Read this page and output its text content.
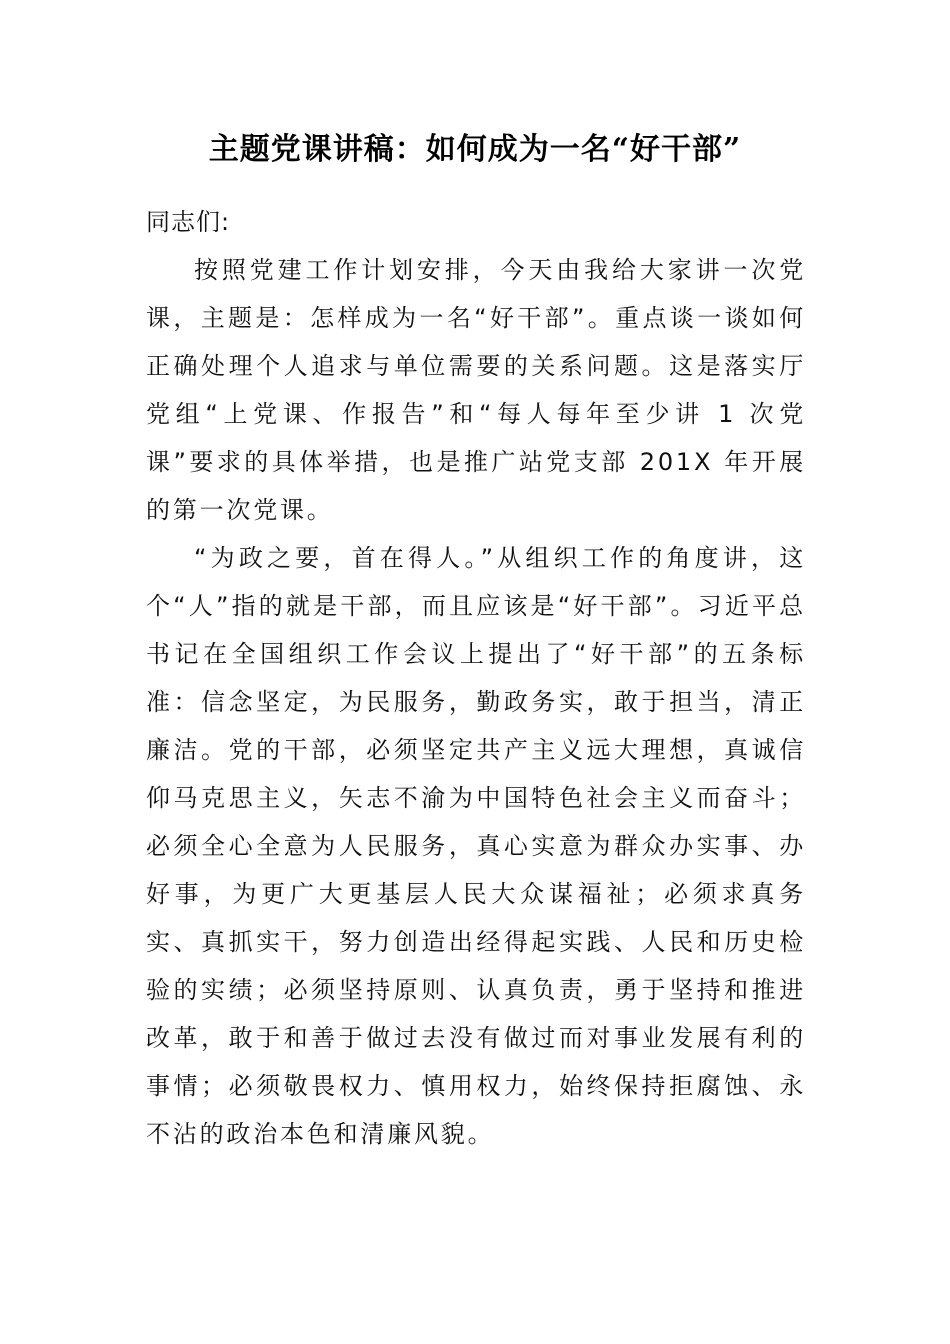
主题党课讲稿：如何成为一名“好干部”

同志们:

按照党建工作计划安排，今天由我给大家讲一次党课，主题是：怎样成为一名“好干部”。重点谈一谈如何正确处理个人追求与单位需要的关系问题。这是落实厅党组“上党课、作报告”和“每人每年至少讲 1 次党课”要求的具体举措，也是推广站党支部 201X 年开展的第一次党课。

“为政之要，首在得人。”从组织工作的角度讲，这个“人”指的就是干部，而且应该是“好干部”。习近平总书记在全国组织工作会议上提出了“好干部”的五条标准：信念坚定，为民服务，勤政务实，敢于担当，清正廉洁。党的干部，必须坚定共产主义远大理想，真诚信仰马克思主义，矢志不渝为中国特色社会主义而奋斗；必须全心全意为人民服务，真心实意为群众办实事、办好事，为更广大更基层人民大众谋福祉；必须求真务实、真抓实干，努力创造出经得起实践、人民和历史检验的实绩；必须坚持原则、认真负责，勇于坚持和推进改革，敢于和善于做过去没有做过而对事业发展有利的事情；必须敬畏权力、慎用权力，始终保持拒腐蚀、永不沾的政治本色和清廉风貌。
